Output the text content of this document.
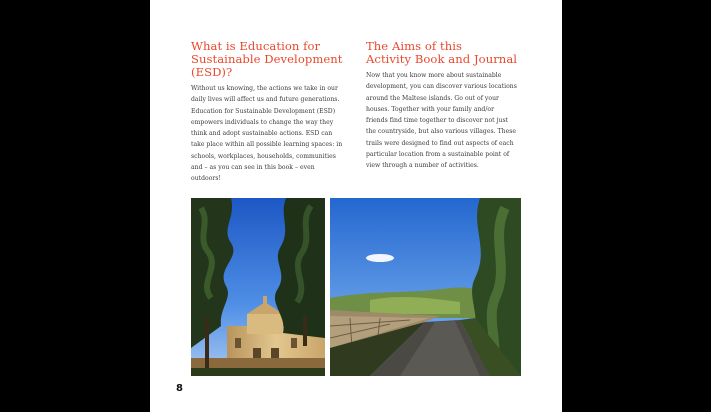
What is Education for
Sustainable Development
(ESD)?

Without us knowing, the actions we take in our
daily lives will affect us and future generations.
Education for Sustainable Development (ESD)
empowers individuals to change the way they
think and adopt sustainable actions. ESD can
take place within all possible learning spaces: in
schools, workplaces, households, communities
and – as you can see in this book – even
outdoors!

The Aims of this
Activity Book and Journal

Now that you know more about sustainable
development, you can discover various locations
around the Maltese islands. Go out of your
houses. Together with your family and/or
friends find time together to discover not just
the countryside, but also various villages. These
trails were designed to find out aspects of each
particular location from a sustainable point of
view through a number of activities.

8
